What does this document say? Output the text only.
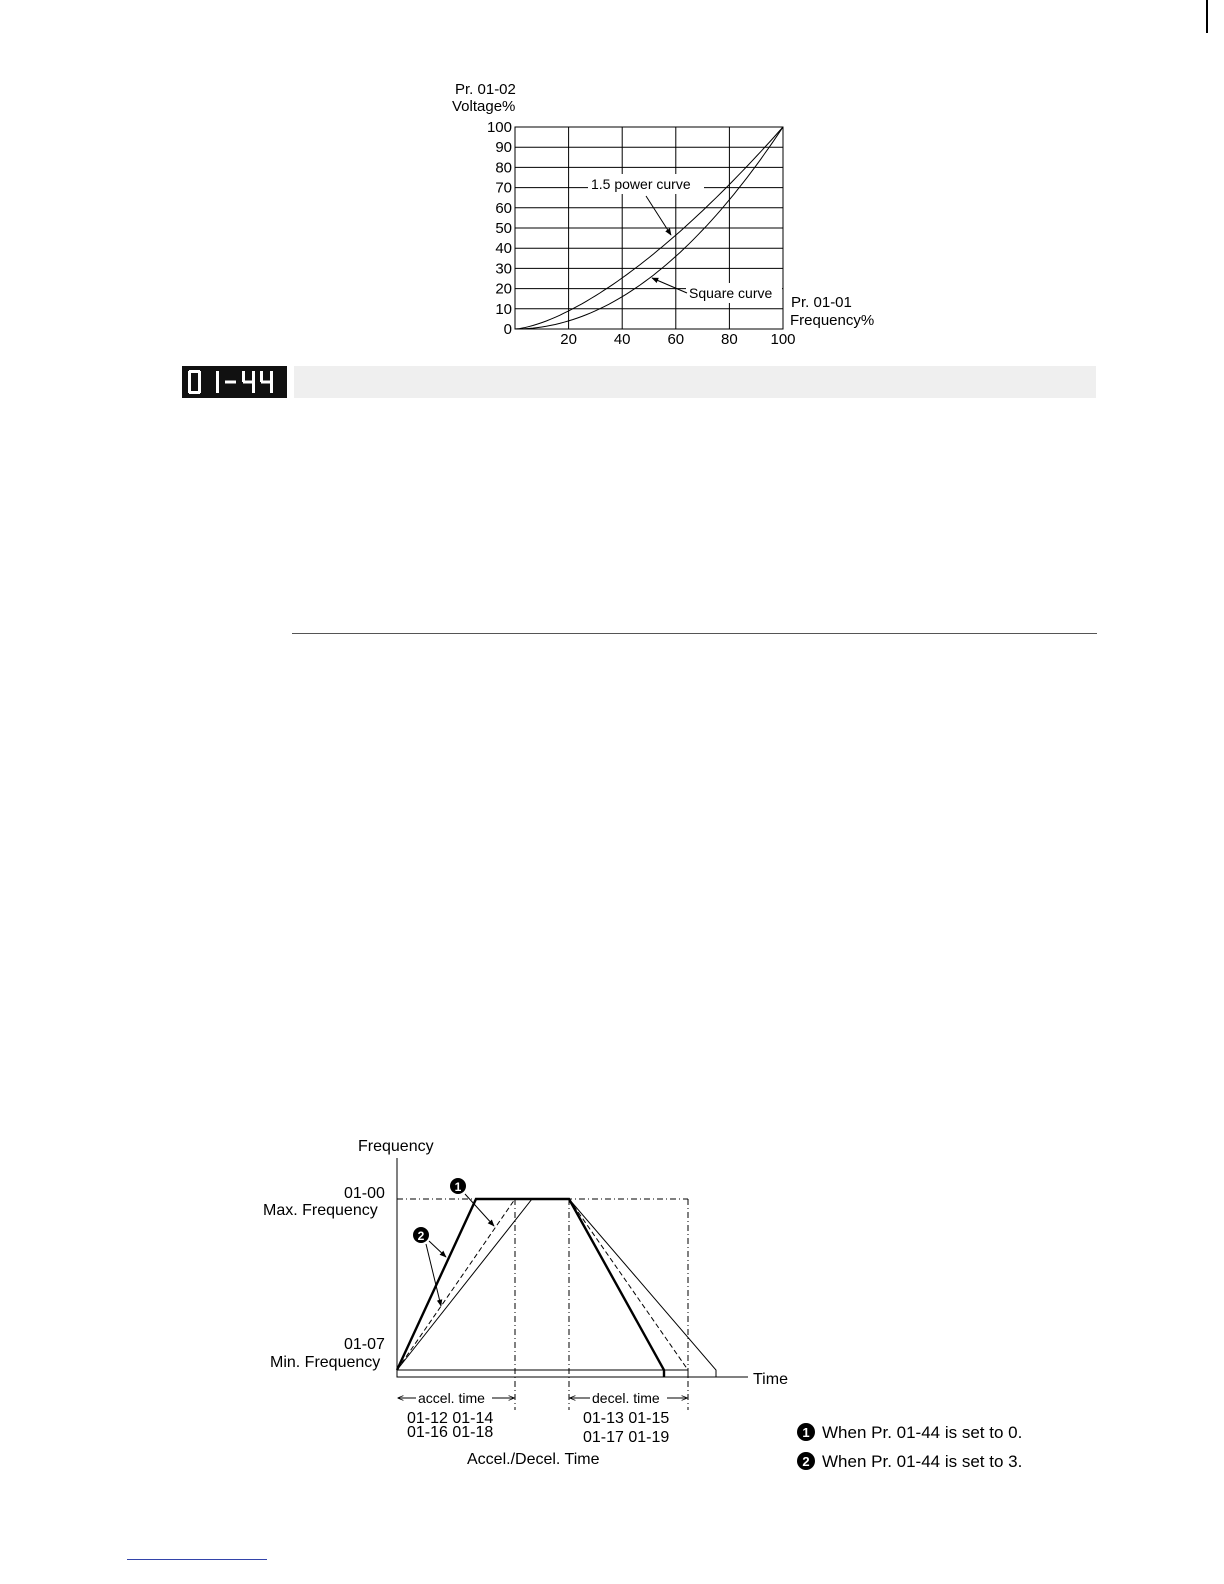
Pr. 01-02
Voltage%
100
90
80
70
60
50
40
30
20
10
0
20 40 60 80 100
1.5 power curve
Square curve
Pr. 01-01
Frequency%
Frequency
01-00
Max. Frequency
01-07
Min. Frequency
Time
1
2
accel. time	decel. time
01-12 01-14
01-16 01-18
01-13 01-15
01-17 01-19
Accel./Decel. Time
1 When Pr. 01-44 is set to 0.
2 When Pr. 01-44 is set to 3.
